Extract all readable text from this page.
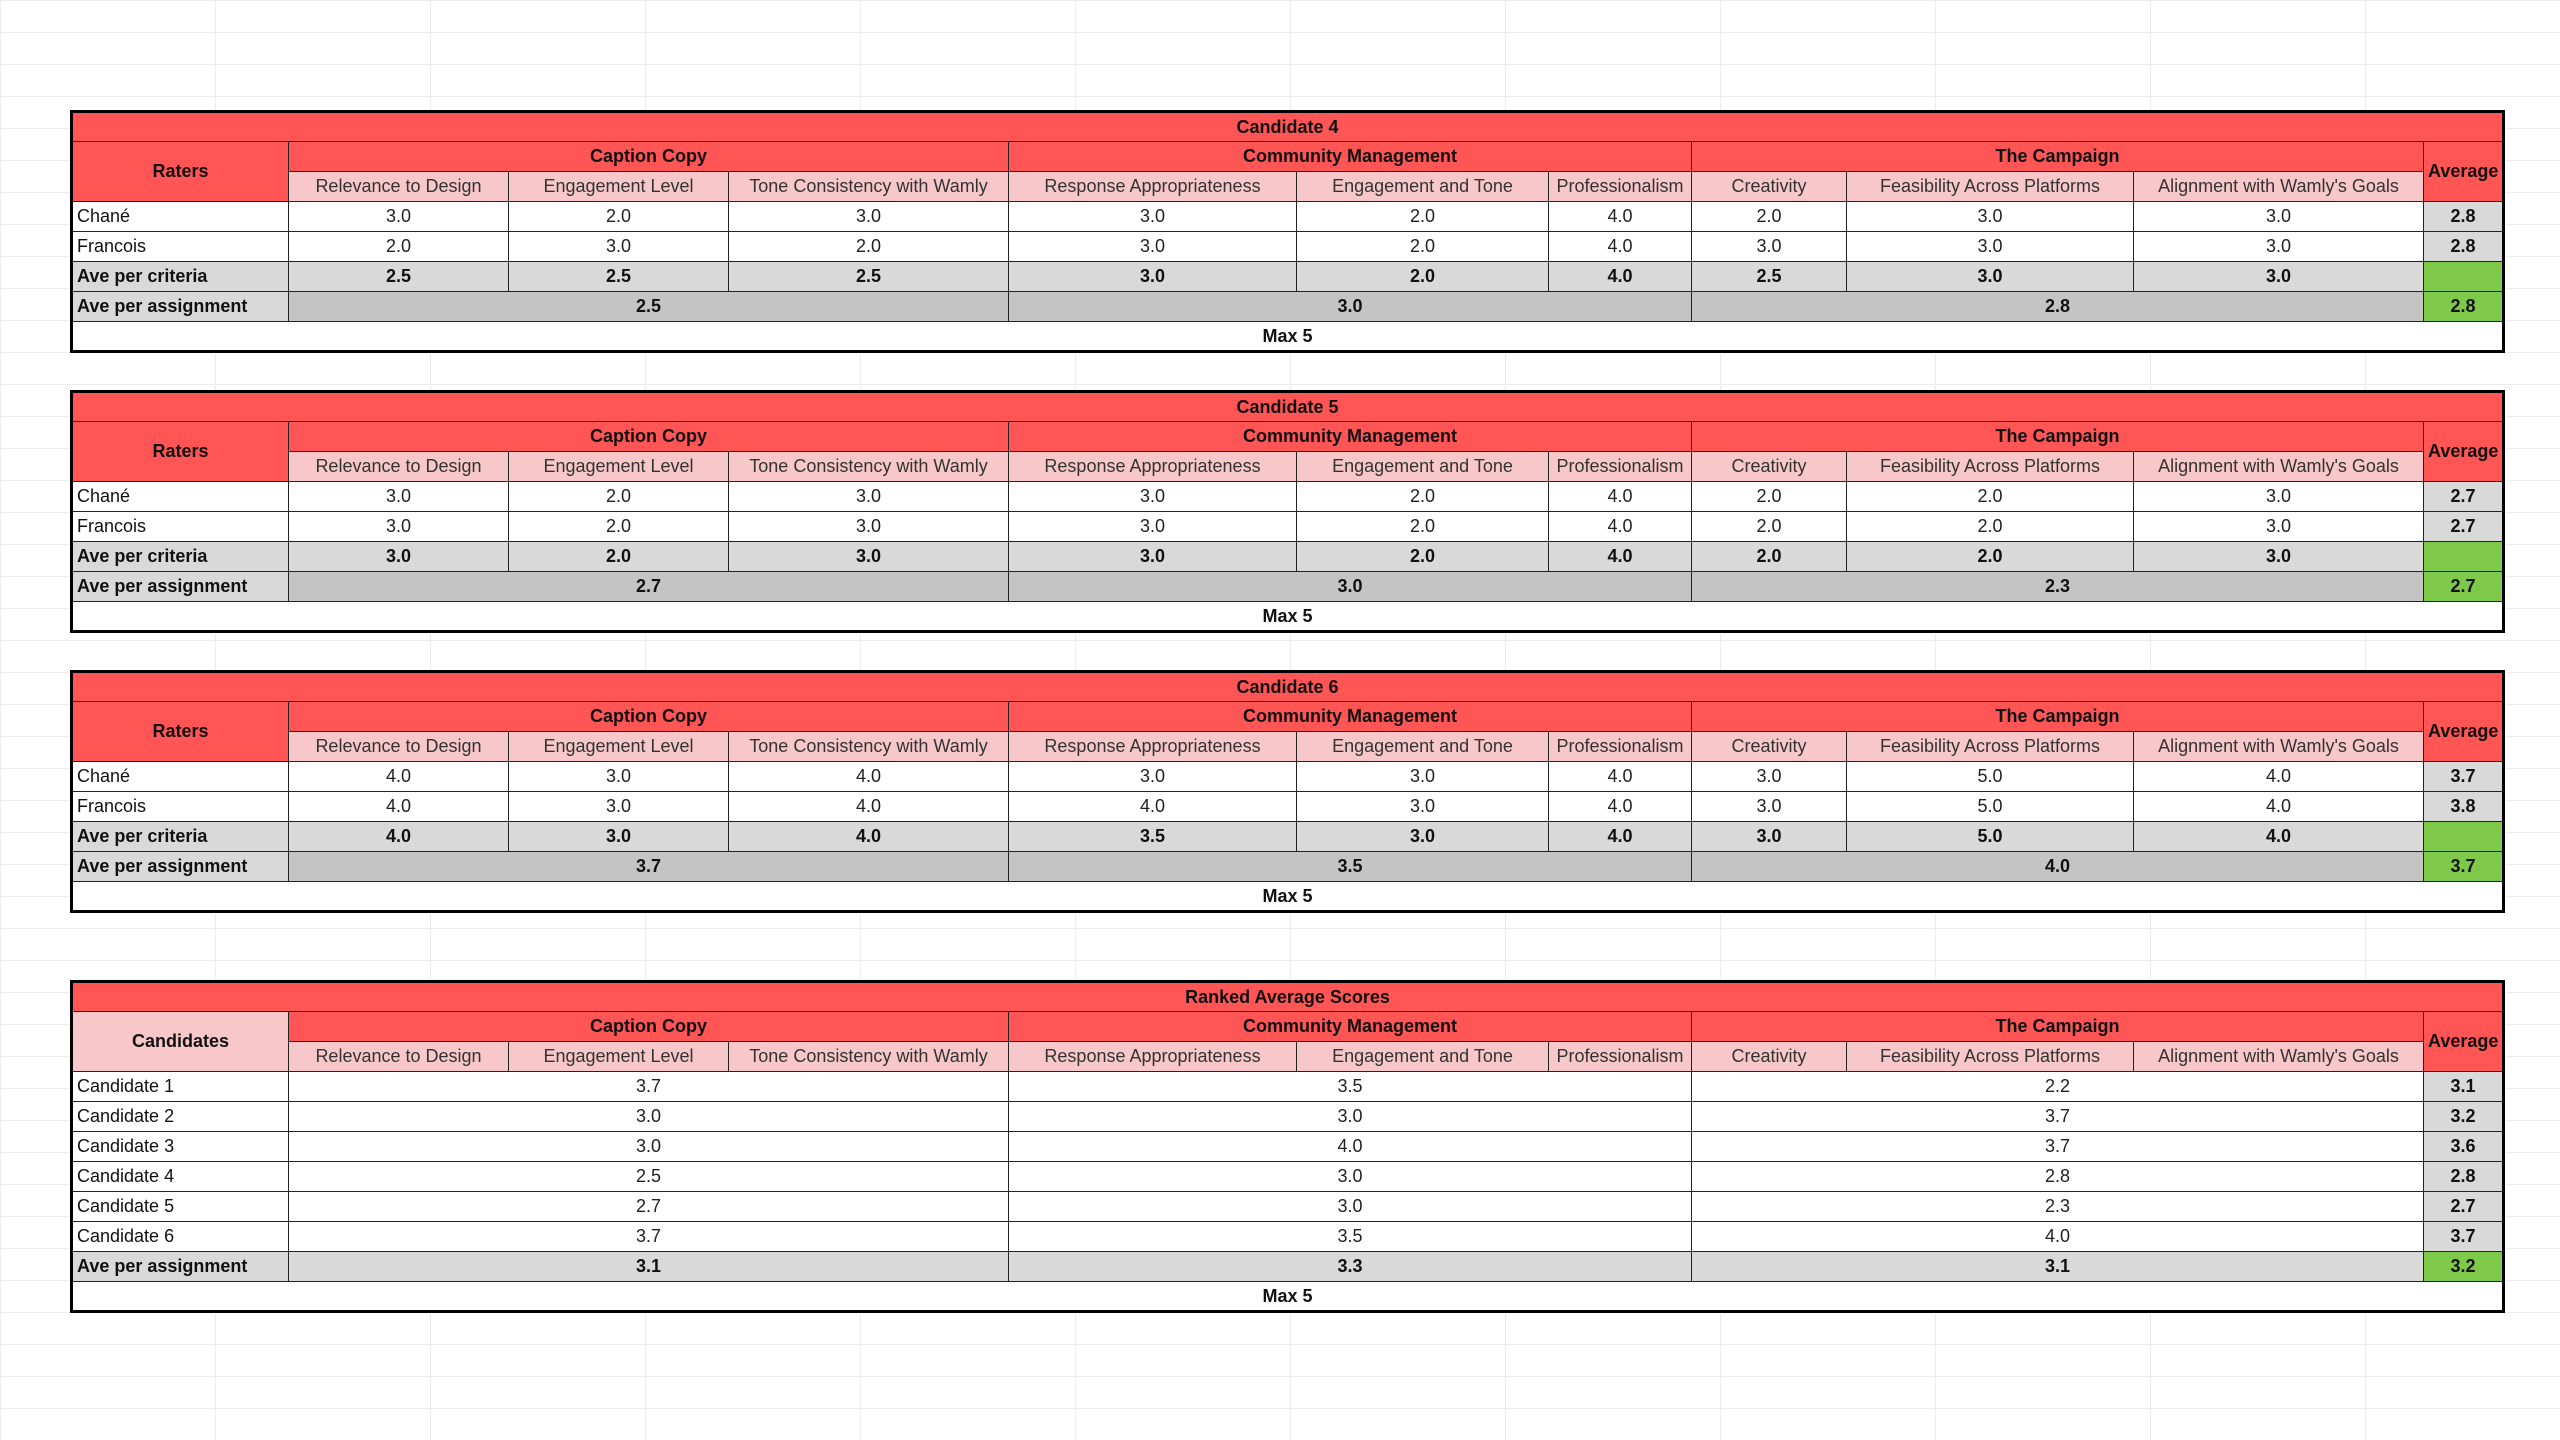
Candidate 4										
Raters	Caption Copy			Community Management			The Campaign			Average
	Relevance to Design	Engagement Level	Tone Consistency with Wamly	Response Appropriateness	Engagement and Tone	Professionalism	Creativity	Feasibility Across Platforms	Alignment with Wamly's Goals	
Chané	3.0	2.0	3.0	3.0	2.0	4.0	2.0	3.0	3.0	2.8
Francois	2.0	3.0	2.0	3.0	2.0	4.0	3.0	3.0	3.0	2.8
Ave per criteria	2.5	2.5	2.5	3.0	2.0	4.0	2.5	3.0	3.0	
Ave per assignment	2.5			3.0			2.8			2.8
Max 5										
Candidate 5										
Raters	Caption Copy			Community Management			The Campaign			Average
	Relevance to Design	Engagement Level	Tone Consistency with Wamly	Response Appropriateness	Engagement and Tone	Professionalism	Creativity	Feasibility Across Platforms	Alignment with Wamly's Goals	
Chané	3.0	2.0	3.0	3.0	2.0	4.0	2.0	2.0	3.0	2.7
Francois	3.0	2.0	3.0	3.0	2.0	4.0	2.0	2.0	3.0	2.7
Ave per criteria	3.0	2.0	3.0	3.0	2.0	4.0	2.0	2.0	3.0	
Ave per assignment	2.7			3.0			2.3			2.7
Max 5										
Candidate 6										
Raters	Caption Copy			Community Management			The Campaign			Average
	Relevance to Design	Engagement Level	Tone Consistency with Wamly	Response Appropriateness	Engagement and Tone	Professionalism	Creativity	Feasibility Across Platforms	Alignment with Wamly's Goals	
Chané	4.0	3.0	4.0	3.0	3.0	4.0	3.0	5.0	4.0	3.7
Francois	4.0	3.0	4.0	4.0	3.0	4.0	3.0	5.0	4.0	3.8
Ave per criteria	4.0	3.0	4.0	3.5	3.0	4.0	3.0	5.0	4.0	
Ave per assignment	3.7			3.5			4.0			3.7
Max 5										
Ranked Average Scores										
Candidates	Caption Copy			Community Management			The Campaign			Average
	Relevance to Design	Engagement Level	Tone Consistency with Wamly	Response Appropriateness	Engagement and Tone	Professionalism	Creativity	Feasibility Across Platforms	Alignment with Wamly's Goals	
Candidate 1	3.7			3.5			2.2			3.1
Candidate 2	3.0			3.0			3.7			3.2
Candidate 3	3.0			4.0			3.7			3.6
Candidate 4	2.5			3.0			2.8			2.8
Candidate 5	2.7			3.0			2.3			2.7
Candidate 6	3.7			3.5			4.0			3.7
Ave per assignment	3.1			3.3			3.1			3.2
Max 5										
